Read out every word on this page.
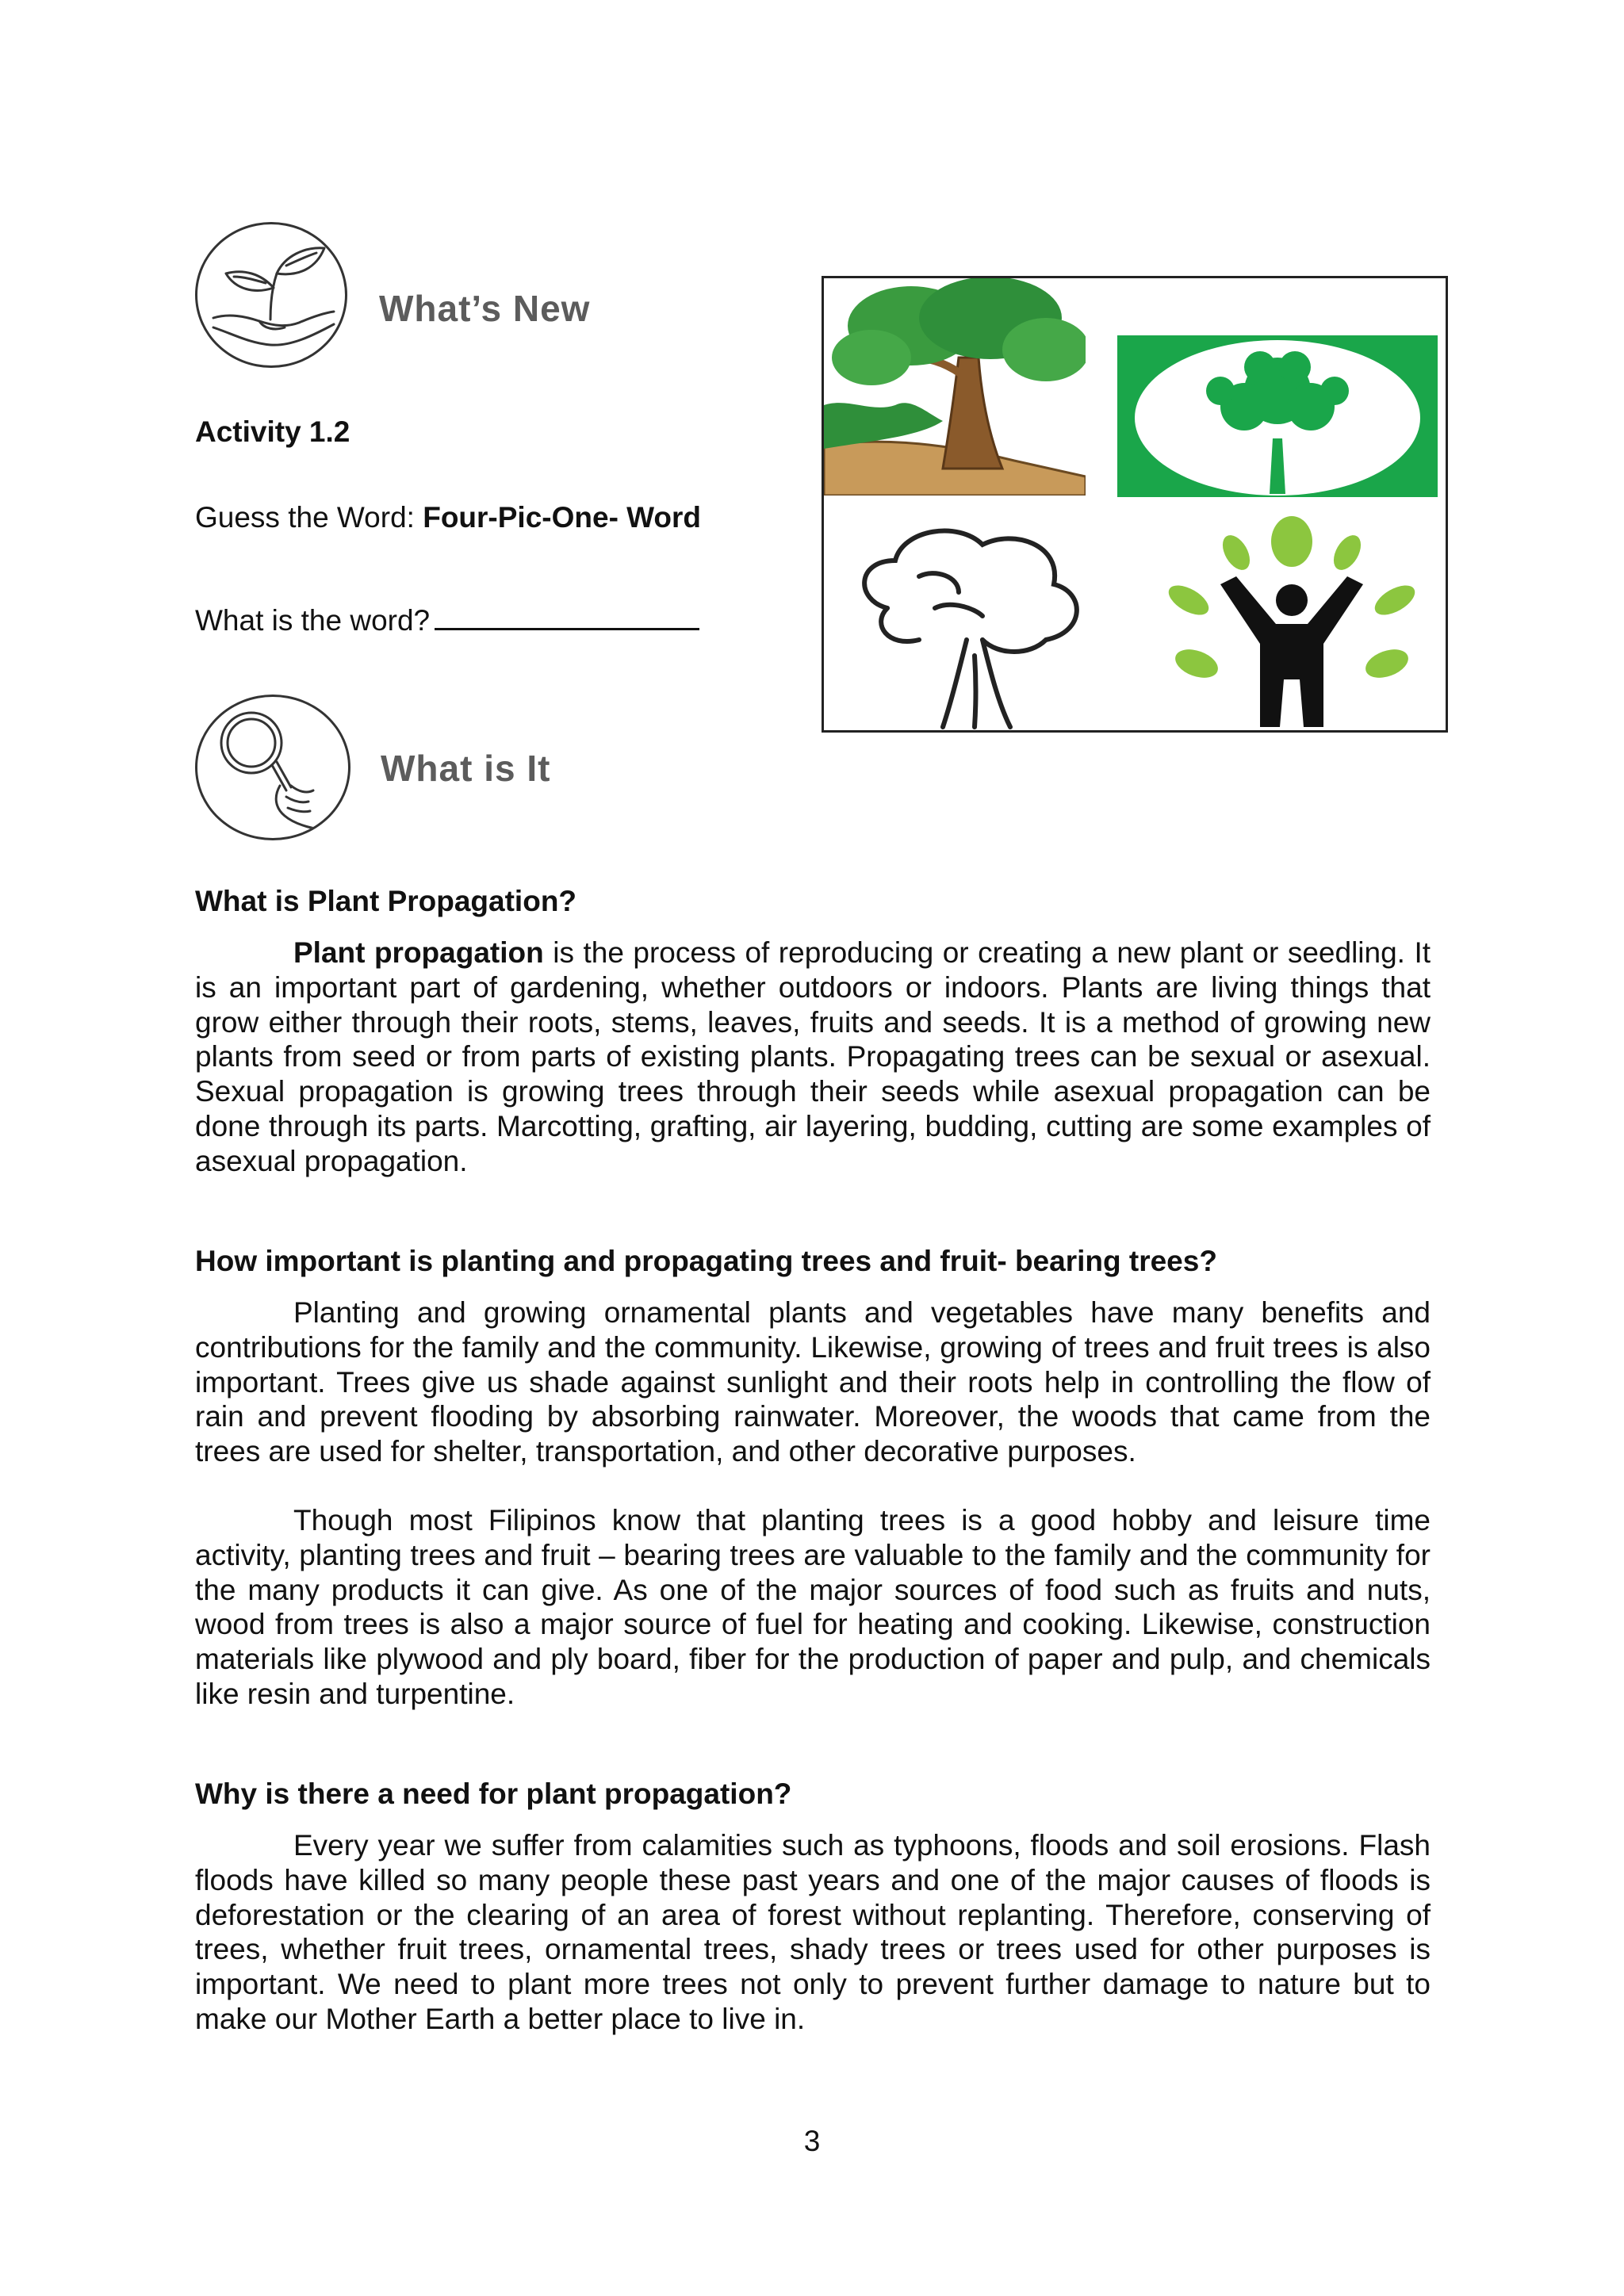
What’s New
Activity 1.2
Guess the Word: Four-Pic-One- Word
What is the word?
What is It
What is Plant Propagation?

Plant propagation is the process of reproducing or creating a new plant or seedling. It is an important part of gardening, whether outdoors or indoors. Plants are living things that grow either through their roots, stems, leaves, fruits and seeds. It is a method of growing new plants from seed or from parts of existing plants. Propagating trees can be sexual or asexual. Sexual propagation is growing trees through their seeds while asexual propagation can be done through its parts. Marcotting, grafting, air layering, budding, cutting are some examples of asexual propagation.

How important is planting and propagating trees and fruit- bearing trees?

Planting and growing ornamental plants and vegetables have many benefits and contributions for the family and the community. Likewise, growing of trees and fruit trees is also important. Trees give us shade against sunlight and their roots help in controlling the flow of rain and prevent flooding by absorbing rainwater. Moreover, the woods that came from the trees are used for shelter, transportation, and other decorative purposes.

Though most Filipinos know that planting trees is a good hobby and leisure time activity, planting trees and fruit – bearing trees are valuable to the family and the community for the many products it can give. As one of the major sources of food such as fruits and nuts, wood from trees is also a major source of fuel for heating and cooking. Likewise, construction materials like plywood and ply board, fiber for the production of paper and pulp, and chemicals like resin and turpentine.

Why is there a need for plant propagation?

Every year we suffer from calamities such as typhoons, floods and soil erosions. Flash floods have killed so many people these past years and one of the major causes of floods is deforestation or the clearing of an area of forest without replanting. Therefore, conserving of trees, whether fruit trees, ornamental trees, shady trees or trees used for other purposes is important. We need to plant more trees not only to prevent further damage to nature but to make our Mother Earth a better place to live in.

3
